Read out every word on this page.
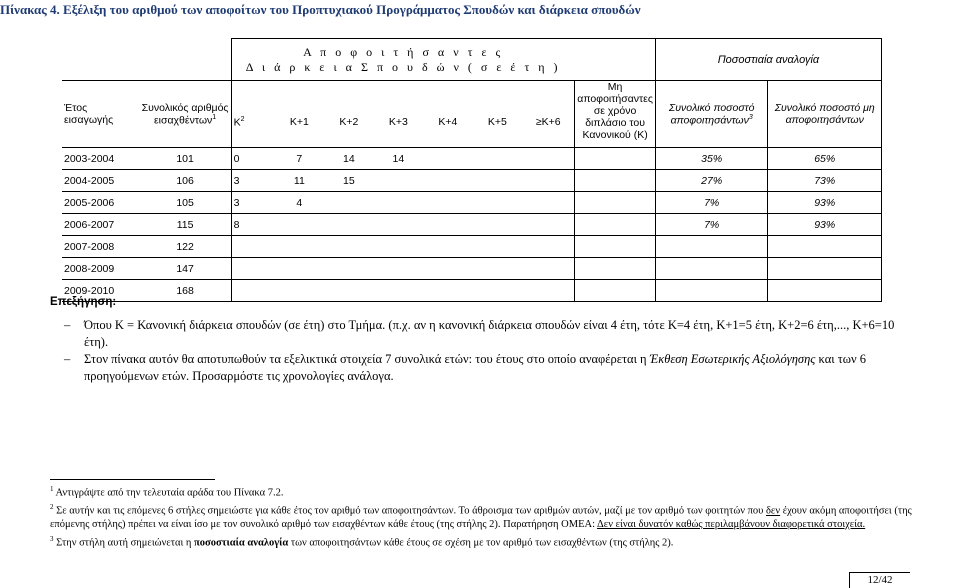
Πίνακας 4. Εξέλιξη του αριθμού των αποφοίτων του Προπτυχιακού Προγράμματος Σπουδών και διάρκεια σπουδών

		Α π ο φ ο ι τ ή σ α ν τ ε ς
Δ ι ά ρ κ ε ι α Σ π ο υ δ ώ ν ( σ ε έ τ η )								Ποσοστιαία αναλογία	
Έτος εισαγωγής	Συνολικός αριθμός εισαχθέντων$^1$	$K^2$	K+1	K+2	K+3	K+4	K+5	≥K+6	Μη αποφοιτήσαντες σε χρόνο διπλάσιο του Κανονικού (Κ)	Συνολικό ποσοστό αποφοιτησάντων$^3$	Συνολικό ποσοστό μη αποφοιτησάντων
2003-2004	101	0	7	14	14					35%	65%
2004-2005	106	3	11	15						27%	73%
2005-2006	105	3	4							7%	93%
2006-2007	115	8								7%	93%
2007-2008	122										
2008-2009	147										
2009-2010	168										
Επεξήγηση:
– Όπου Κ = Κανονική διάρκεια σπουδών (σε έτη) στο Τμήμα. (π.χ. αν η κανονική διάρκεια σπουδών είναι 4 έτη, τότε Κ=4 έτη, Κ+1=5 έτη, Κ+2=6 έτη,..., Κ+6=10 έτη).
– Στον πίνακα αυτόν θα αποτυπωθούν τα εξελικτικά στοιχεία 7 συνολικά ετών: του έτους στο οποίο αναφέρεται η Έκθεση Εσωτερικής Αξιολόγησης και των 6 προηγούμενων ετών. Προσαρμόστε τις χρονολογίες ανάλογα.
$^1$ Αντιγράψτε από την τελευταία αράδα του Πίνακα 7.2.
$^2$ Σε αυτήν και τις επόμενες 6 στήλες σημειώστε για κάθε έτος τον αριθμό των αποφοιτησάντων. Το άθροισμα των αριθμών αυτών, μαζί με τον αριθμό των φοιτητών που δεν έχουν ακόμη αποφοιτήσει (της επόμενης στήλης) πρέπει να είναι ίσο με τον συνολικό αριθμό των εισαχθέντων κάθε έτους (της στήλης 2). Παρατήρηση ΟΜΕΑ: Δεν είναι δυνατόν καθώς περιλαμβάνουν διαφορετικά στοιχεία.
$^3$ Στην στήλη αυτή σημειώνεται η ποσοστιαία αναλογία των αποφοιτησάντων κάθε έτους σε σχέση με τον αριθμό των εισαχθέντων (της στήλης 2).
12/42
